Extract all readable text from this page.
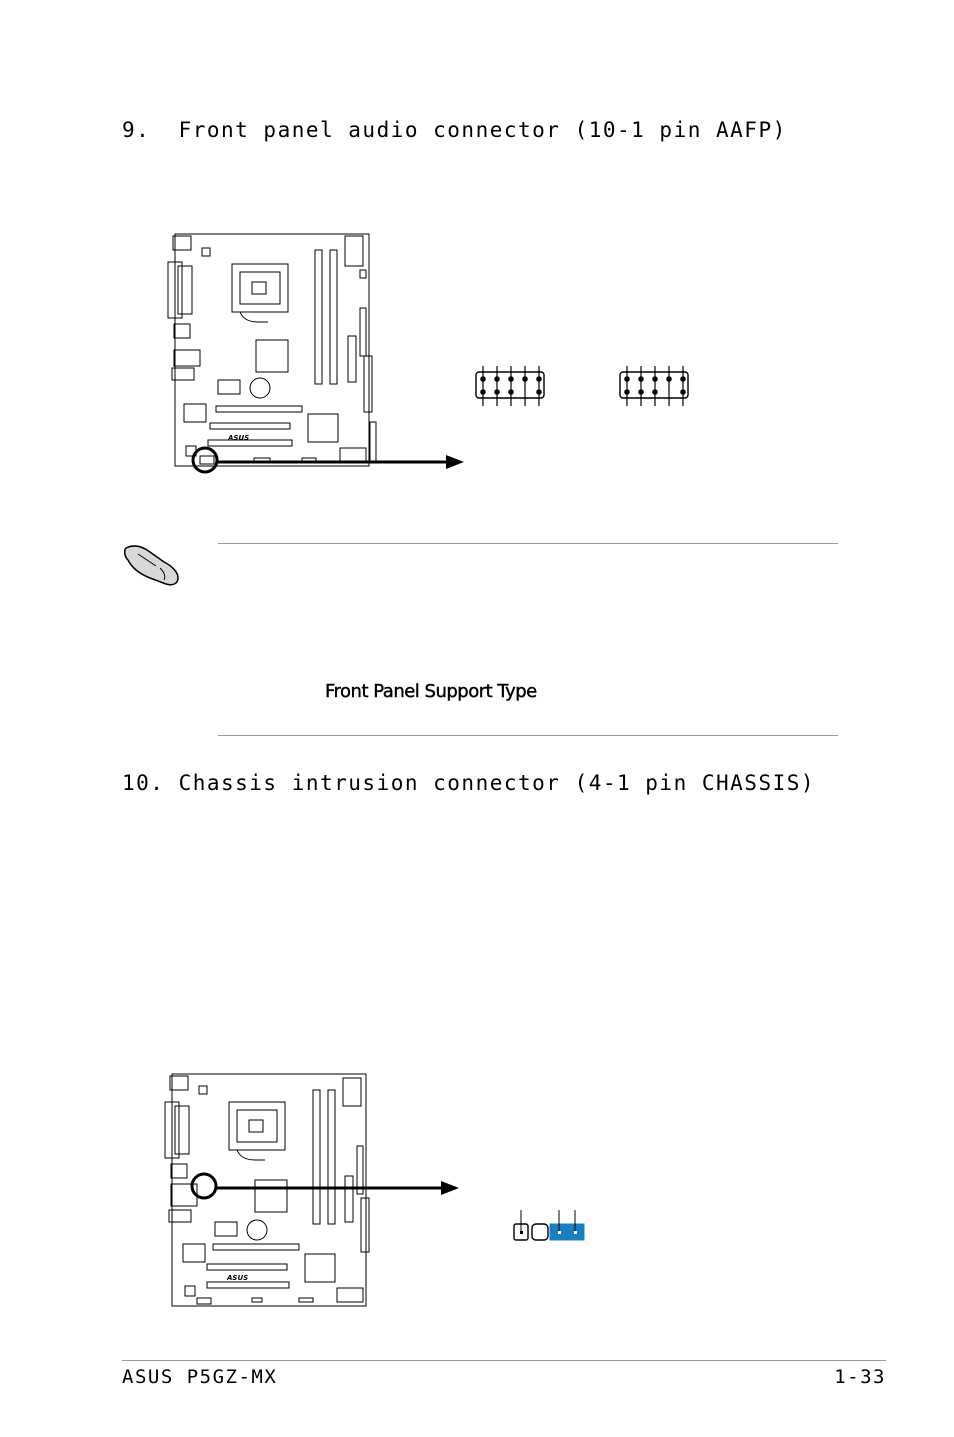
9.  Front panel audio connector (10-1 pin AAFP)
ASUS
Front Panel Support Type
10. Chassis intrusion connector (4-1 pin CHASSIS)
ASUS
ASUS P5GZ-MX	1-33
